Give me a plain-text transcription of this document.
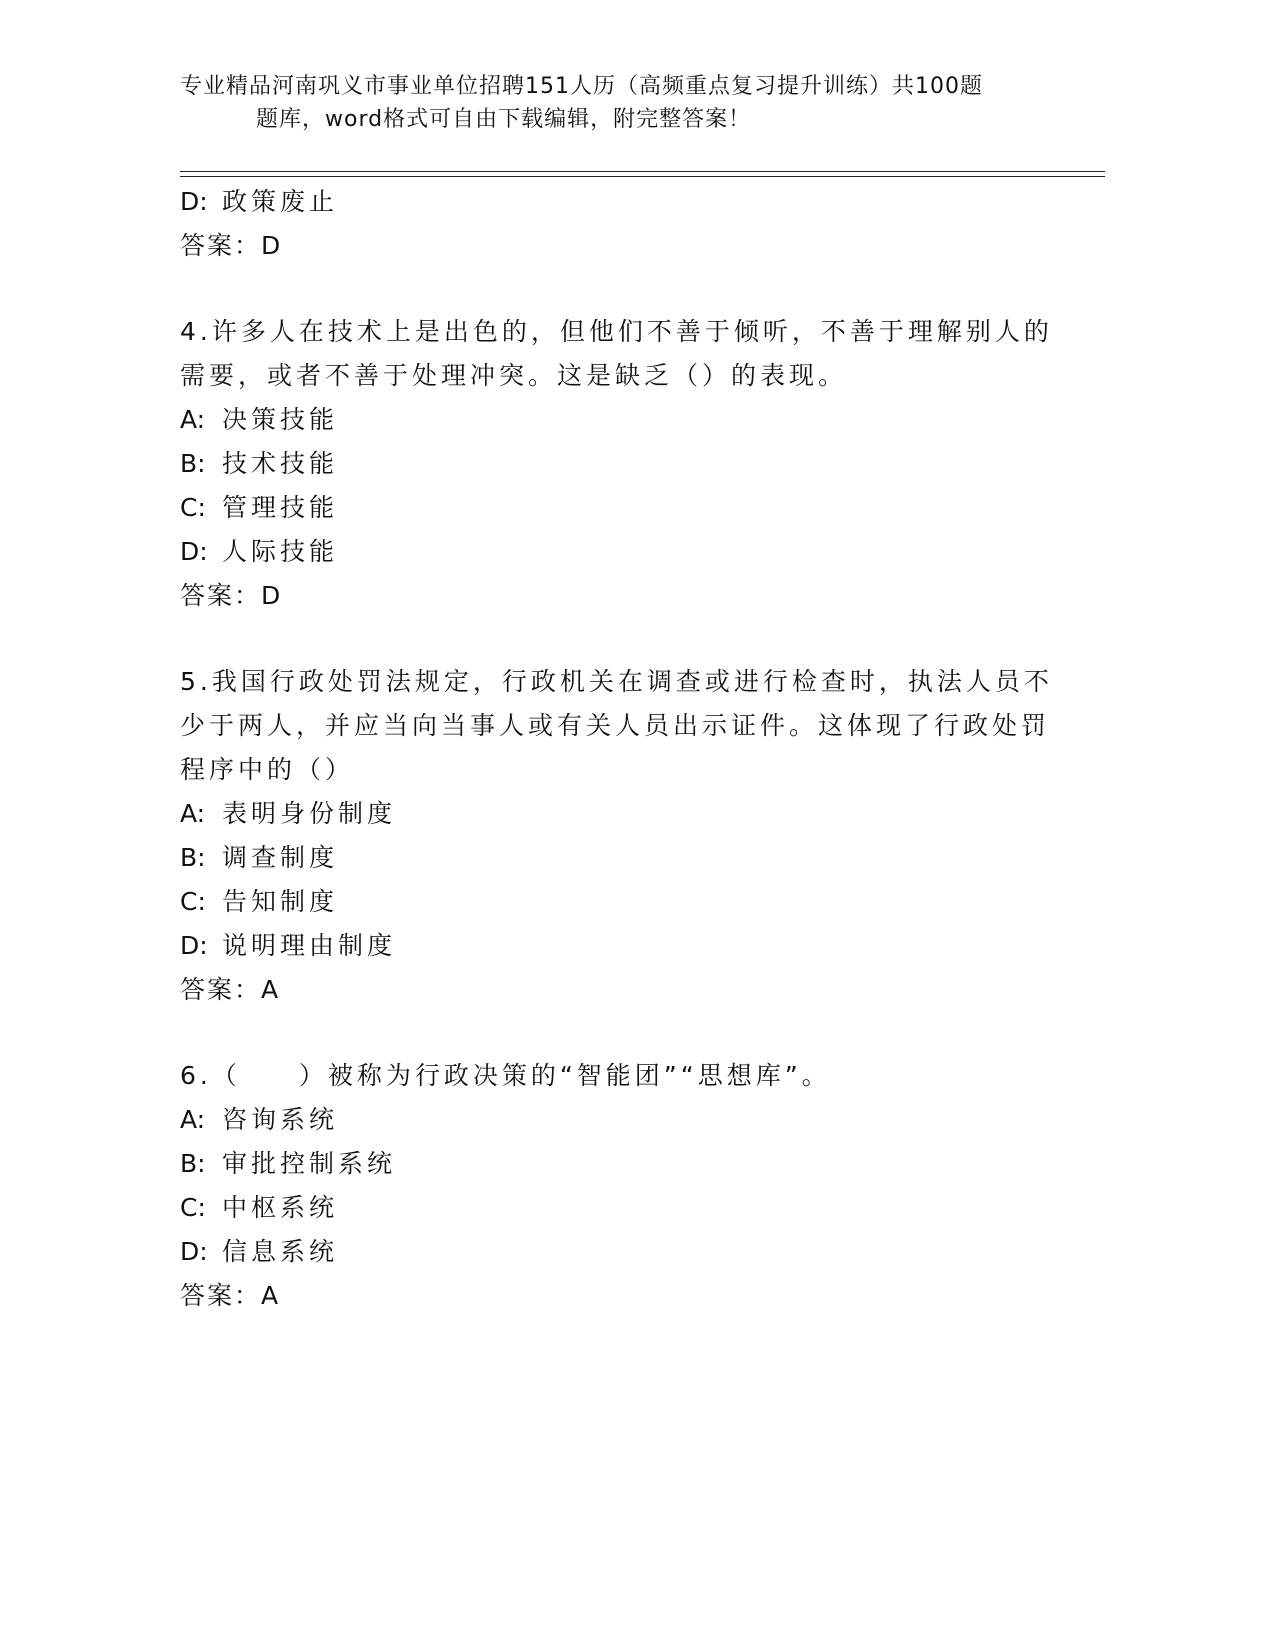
专业精品河南巩义市事业单位招聘151人历（高频重点复习提升训练）共100题
题库，word格式可自由下载编辑，附完整答案！
D: 政策废止
答案：D
4.许多人在技术上是出色的，但他们不善于倾听，不善于理解别人的
需要，或者不善于处理冲突。这是缺乏（）的表现。
A: 决策技能
B: 技术技能
C: 管理技能
D: 人际技能
答案：D
5.我国行政处罚法规定，行政机关在调查或进行检查时，执法人员不
少于两人，并应当向当事人或有关人员出示证件。这体现了行政处罚
程序中的（）
A: 表明身份制度
B: 调查制度
C: 告知制度
D: 说明理由制度
答案：A
6.（　　）被称为行政决策的“智能团”“思想库”。
A: 咨询系统
B: 审批控制系统
C: 中枢系统
D: 信息系统
答案：A
